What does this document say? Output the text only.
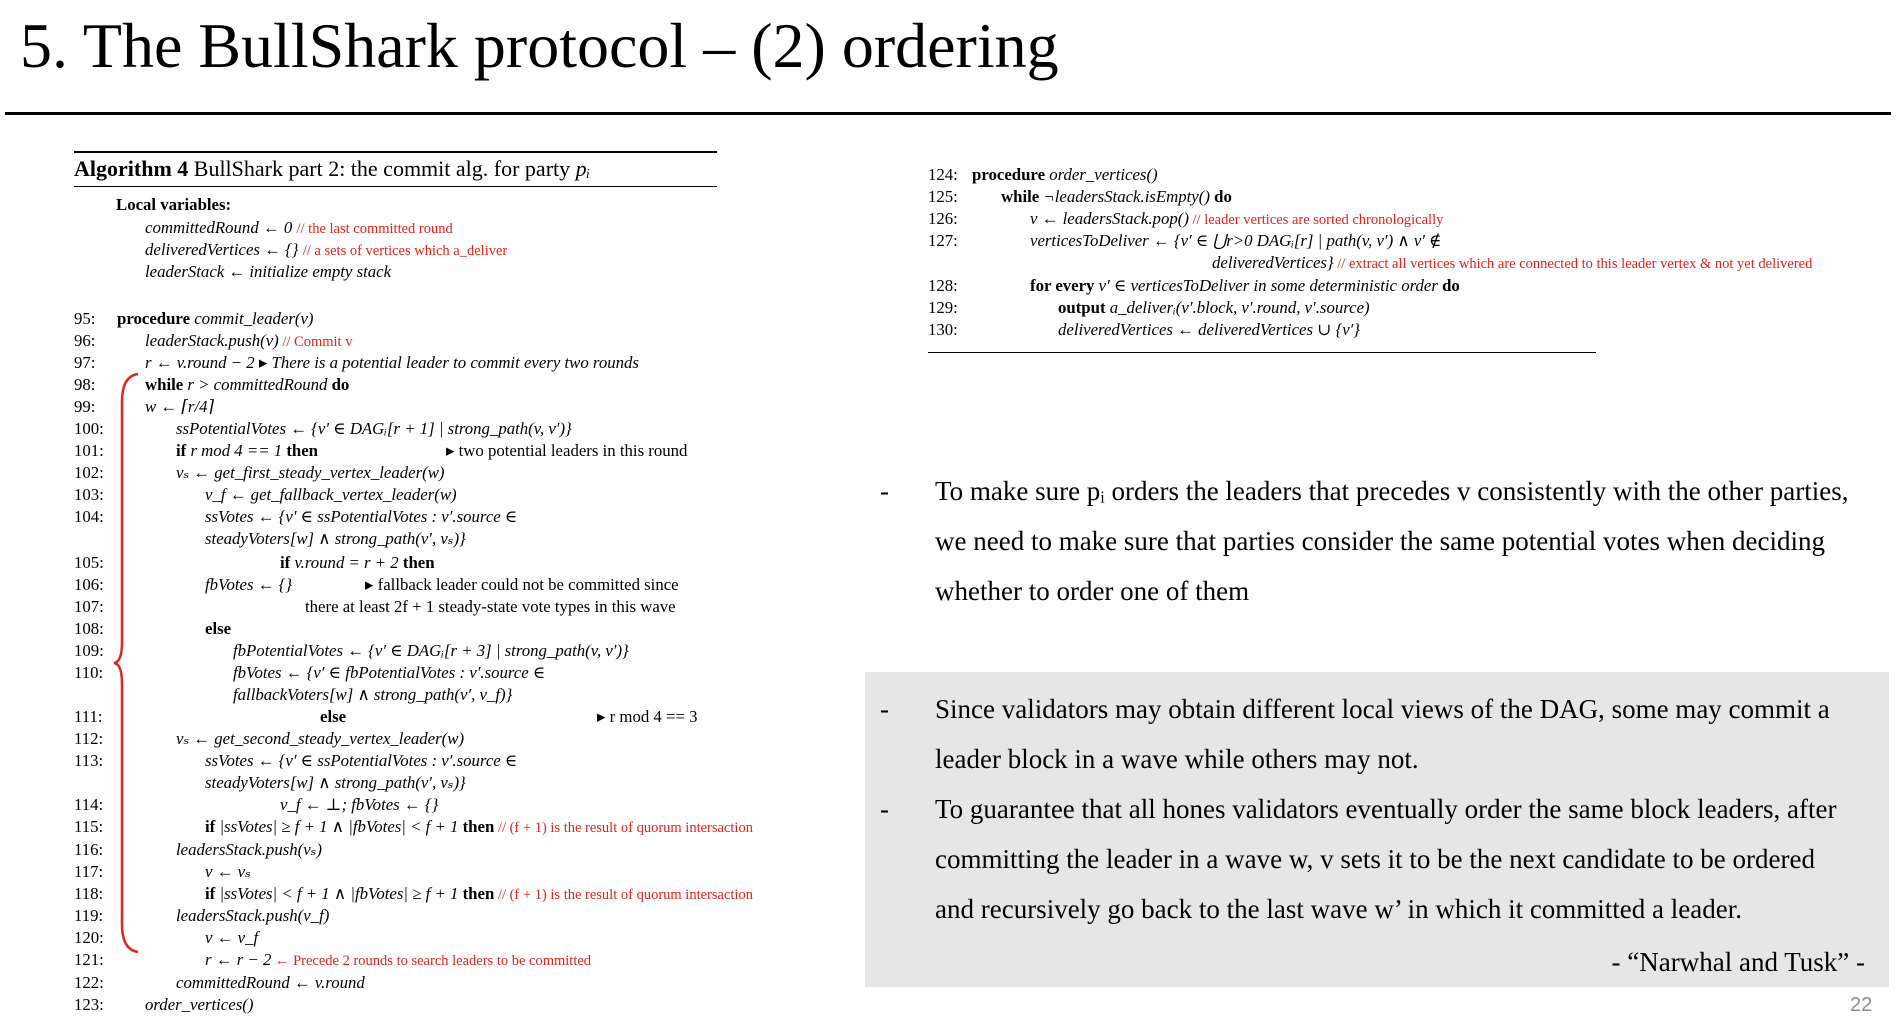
5. The BullShark protocol – (2) ordering
Algorithm 4 BullShark part 2: the commit alg. for party pᵢ
Local variables:
committedRound ← 0 // the last committed round
deliveredVertices ← {} // a sets of vertices which a_deliver
leaderStack ← initialize empty stack
95: procedure commit_leader(v)
96:	leaderStack.push(v) // Commit v
97:	r ← v.round − 2 ▸ There is a potential leader to commit every two rounds
98:	while r > committedRound do
99:	w ← ⌈r/4⌉
100:	ssPotentialVotes ← {v′ ∈ DAGᵢ[r + 1] | strong_path(v, v′)}
101:	if r mod 4 == 1 then	▸ two potential leaders in this round
102:	vₛ ← get_first_steady_vertex_leader(w)
103:	v_f ← get_fallback_vertex_leader(w)
104:	ssVotes ← {v′ ∈ ssPotentialVotes : v′.source ∈
steadyVoters[w] ∧ strong_path(v′, vₛ)}
105:	if v.round = r + 2 then
106:	fbVotes ← {}	▸ fallback leader could not be committed since
107:	there at least 2f + 1 steady-state vote types in this wave
108:	else
109:	fbPotentialVotes ← {v′ ∈ DAGᵢ[r + 3] | strong_path(v, v′)}
110:	fbVotes ← {v′ ∈ fbPotentialVotes : v′.source ∈
fallbackVoters[w] ∧ strong_path(v′, v_f)}
111:	else	▸ r mod 4 == 3
112:	vₛ ← get_second_steady_vertex_leader(w)
113:	ssVotes ← {v′ ∈ ssPotentialVotes : v′.source ∈
steadyVoters[w] ∧ strong_path(v′, vₛ)}
114:	v_f ← ⊥; fbVotes ← {}
115:	if |ssVotes| ≥ f + 1 ∧ |fbVotes| < f + 1 then // (f + 1) is the result of quorum intersaction
116:	leadersStack.push(vₛ)
117:	v ← vₛ
118:	if |ssVotes| < f + 1 ∧ |fbVotes| ≥ f + 1 then // (f + 1) is the result of quorum intersaction
119:	leadersStack.push(v_f)
120:	v ← v_f
121:	r ← r − 2 ← Precede 2 rounds to search leaders to be committed
122:	committedRound ← v.round
123: order_vertices()
124: procedure order_vertices()
125:	while ¬leadersStack.isEmpty() do
126:	v ← leadersStack.pop() // leader vertices are sorted chronologically
127:	verticesToDeliver ← {v′ ∈ ⋃r>0 DAGᵢ[r] | path(v, v′) ∧ v′ ∉
deliveredVertices} // extract all vertices which are connected to this leader vertex & not yet delivered
128:	for every v′ ∈ verticesToDeliver in some deterministic order do
129:	output a_deliverᵢ(v′.block, v′.round, v′.source)
130:	deliveredVertices ← deliveredVertices ∪ {v′}
- To make sure pᵢ orders the leaders that precedes v consistently with the other parties,
we need to make sure that parties consider the same potential votes when deciding
whether to order one of them
- Since validators may obtain different local views of the DAG, some may commit a
leader block in a wave while others may not.
- To guarantee that all hones validators eventually order the same block leaders, after
committing the leader in a wave w, v sets it to be the next candidate to be ordered
and recursively go back to the last wave w’ in which it committed a leader.
- “Narwhal and Tusk” -
22
